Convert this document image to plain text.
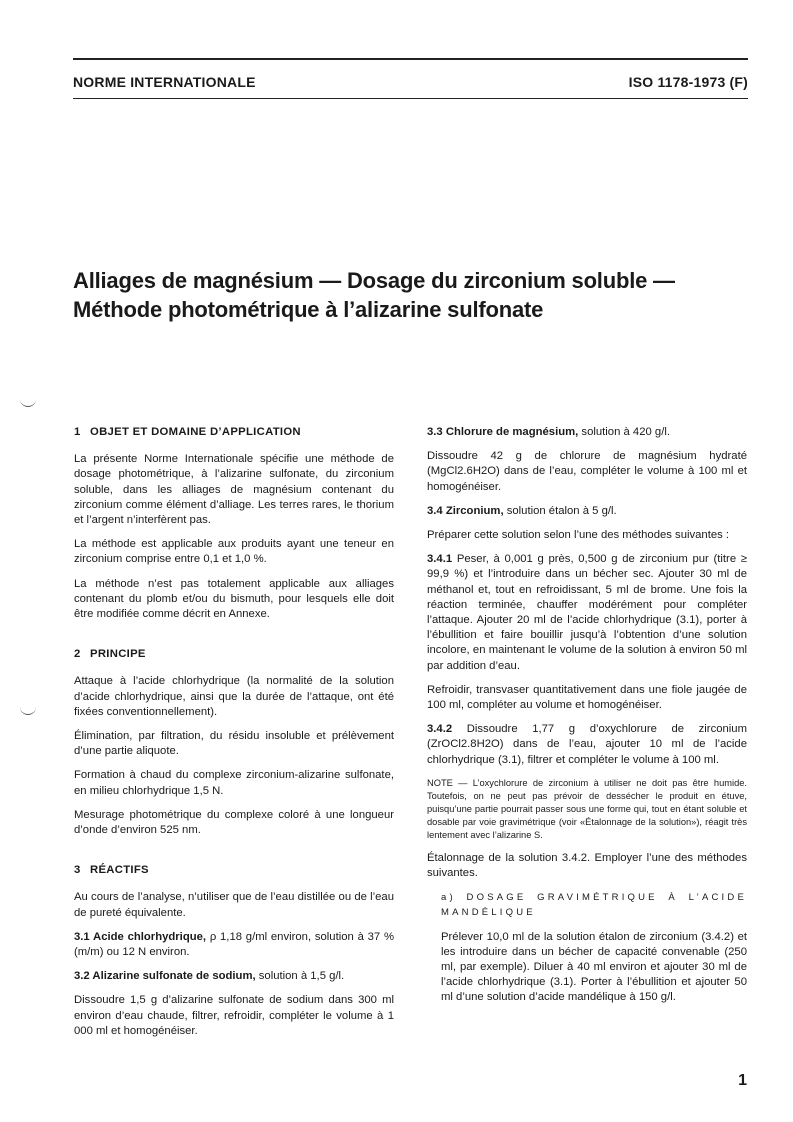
NORME INTERNATIONALE	ISO 1178-1973 (F)
Alliages de magnésium — Dosage du zirconium soluble —
Méthode photométrique à l’alizarine sulfonate
1 OBJET ET DOMAINE D’APPLICATION

La présente Norme Internationale spécifie une méthode de dosage photométrique, à l’alizarine sulfonate, du zirconium soluble, dans les alliages de magnésium contenant du zirconium comme élément d’alliage. Les terres rares, le thorium et l’argent n’interfèrent pas.

La méthode est applicable aux produits ayant une teneur en zirconium comprise entre 0,1 et 1,0 %.

La méthode n’est pas totalement applicable aux alliages contenant du plomb et/ou du bismuth, pour lesquels elle doit être modifiée comme décrit en Annexe.

2 PRINCIPE

Attaque à l’acide chlorhydrique (la normalité de la solution d’acide chlorhydrique, ainsi que la durée de l’attaque, ont été fixées conventionnellement).

Élimination, par filtration, du résidu insoluble et prélèvement d’une partie aliquote.

Formation à chaud du complexe zirconium-alizarine sulfonate, en milieu chlorhydrique 1,5 N.

Mesurage photométrique du complexe coloré à une longueur d’onde d’environ 525 nm.

3 RÉACTIFS

Au cours de l’analyse, n’utiliser que de l’eau distillée ou de l’eau de pureté équivalente.

3.1 Acide chlorhydrique, ρ 1,18 g/ml environ, solution à 37 % (m/m) ou 12 N environ.

3.2 Alizarine sulfonate de sodium, solution à 1,5 g/l.

Dissoudre 1,5 g d’alizarine sulfonate de sodium dans 300 ml environ d’eau chaude, filtrer, refroidir, compléter le volume à 1 000 ml et homogénéiser.

3.3 Chlorure de magnésium, solution à 420 g/l.

Dissoudre 42 g de chlorure de magnésium hydraté (MgCl2.6H2O) dans de l’eau, compléter le volume à 100 ml et homogénéiser.

3.4 Zirconium, solution étalon à 5 g/l.

Préparer cette solution selon l’une des méthodes suivantes :

3.4.1 Peser, à 0,001 g près, 0,500 g de zirconium pur (titre ≥ 99,9 %) et l’introduire dans un bécher sec. Ajouter 30 ml de méthanol et, tout en refroidissant, 5 ml de brome. Une fois la réaction terminée, chauffer modérément pour compléter l’attaque. Ajouter 20 ml de l’acide chlorhydrique (3.1), porter à l’ébullition et faire bouillir jusqu’à l’obtention d’une solution incolore, en maintenant le volume de la solution à environ 50 ml par addition d’eau.

Refroidir, transvaser quantitativement dans une fiole jaugée de 100 ml, compléter au volume et homogénéiser.

3.4.2 Dissoudre 1,77 g d’oxychlorure de zirconium (ZrOCl2.8H2O) dans de l’eau, ajouter 10 ml de l’acide chlorhydrique (3.1), filtrer et compléter le volume à 100 ml.

NOTE — L’oxychlorure de zirconium à utiliser ne doit pas être humide. Toutefois, on ne peut pas prévoir de dessécher le produit en étuve, puisqu’une partie pourrait passer sous une forme qui, tout en étant soluble et dosable par voie gravimétrique (voir «Étalonnage de la solution»), réagit très lentement avec l’alizarine S.

Étalonnage de la solution 3.4.2. Employer l’une des méthodes suivantes.

a) DOSAGE GRAVIMÉTRIQUE À L’ACIDE MANDÉLIQUE

Prélever 10,0 ml de la solution étalon de zirconium (3.4.2) et les introduire dans un bécher de capacité convenable (250 ml, par exemple). Diluer à 40 ml environ et ajouter 30 ml de l’acide chlorhydrique (3.1). Porter à l’ébullition et ajouter 50 ml d’une solution d’acide mandélique à 150 g/l.

1
